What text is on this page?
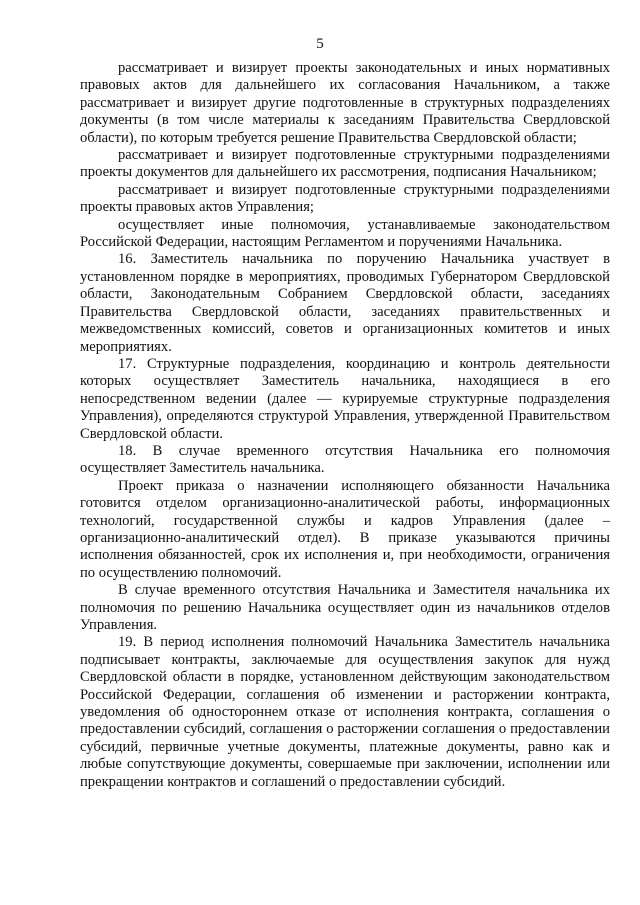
5

рассматривает и визирует проекты законодательных и иных нормативных правовых актов для дальнейшего их согласования Начальником, а также рассматривает и визирует другие подготовленные в структурных подразделениях документы (в том числе материалы к заседаниям Правительства Свердловской области), по которым требуется решение Правительства Свердловской области;

рассматривает и визирует подготовленные структурными подразделениями проекты документов для дальнейшего их рассмотрения, подписания Начальником;

рассматривает и визирует подготовленные структурными подразделениями проекты правовых актов Управления;

осуществляет иные полномочия, устанавливаемые законодательством Российской Федерации, настоящим Регламентом и поручениями Начальника.

16. Заместитель начальника по поручению Начальника участвует в установленном порядке в мероприятиях, проводимых Губернатором Свердловской области, Законодательным Собранием Свердловской области, заседаниях Правительства Свердловской области, заседаниях правительственных и межведомственных комиссий, советов и организационных комитетов и иных мероприятиях.

17. Структурные подразделения, координацию и контроль деятельности которых осуществляет Заместитель начальника, находящиеся в его непосредственном ведении (далее — курируемые структурные подразделения Управления), определяются структурой Управления, утвержденной Правительством Свердловской области.

18. В случае временного отсутствия Начальника его полномочия осуществляет Заместитель начальника.

Проект приказа о назначении исполняющего обязанности Начальника готовится отделом организационно-аналитической работы, информационных технологий, государственной службы и кадров Управления (далее – организационно-аналитический отдел). В приказе указываются причины исполнения обязанностей, срок их исполнения и, при необходимости, ограничения по осуществлению полномочий.

В случае временного отсутствия Начальника и Заместителя начальника их полномочия по решению Начальника осуществляет один из начальников отделов Управления.

19. В период исполнения полномочий Начальника Заместитель начальника подписывает контракты, заключаемые для осуществления закупок для нужд Свердловской области в порядке, установленном действующим законодательством Российской Федерации, соглашения об изменении и расторжении контракта, уведомления об одностороннем отказе от исполнения контракта, соглашения о предоставлении субсидий, соглашения о расторжении соглашения о предоставлении субсидий, первичные учетные документы, платежные документы, равно как и любые сопутствующие документы, совершаемые при заключении, исполнении или прекращении контрактов и соглашений о предоставлении субсидий.
